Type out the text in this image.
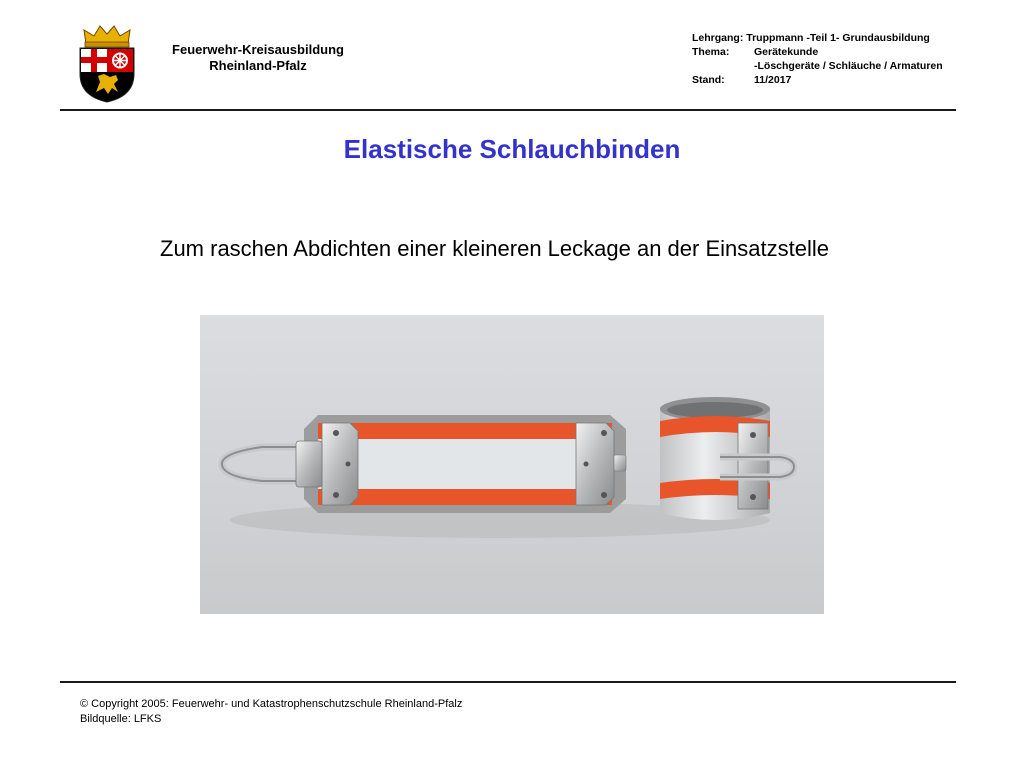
Feuerwehr-Kreisausbildung
Rheinland-Pfalz
Lehrgang:
Truppmann -Teil 1- Grundausbildung
Thema:	Gerätekunde
-Löschgeräte / Schläuche / Armaturen
Stand:	11/2017
Elastische Schlauchbinden
Zum raschen Abdichten einer kleineren Leckage an der Einsatzstelle
© Copyright 2005: Feuerwehr- und Katastrophenschutzschule Rheinland-Pfalz
Bildquelle: LFKS
